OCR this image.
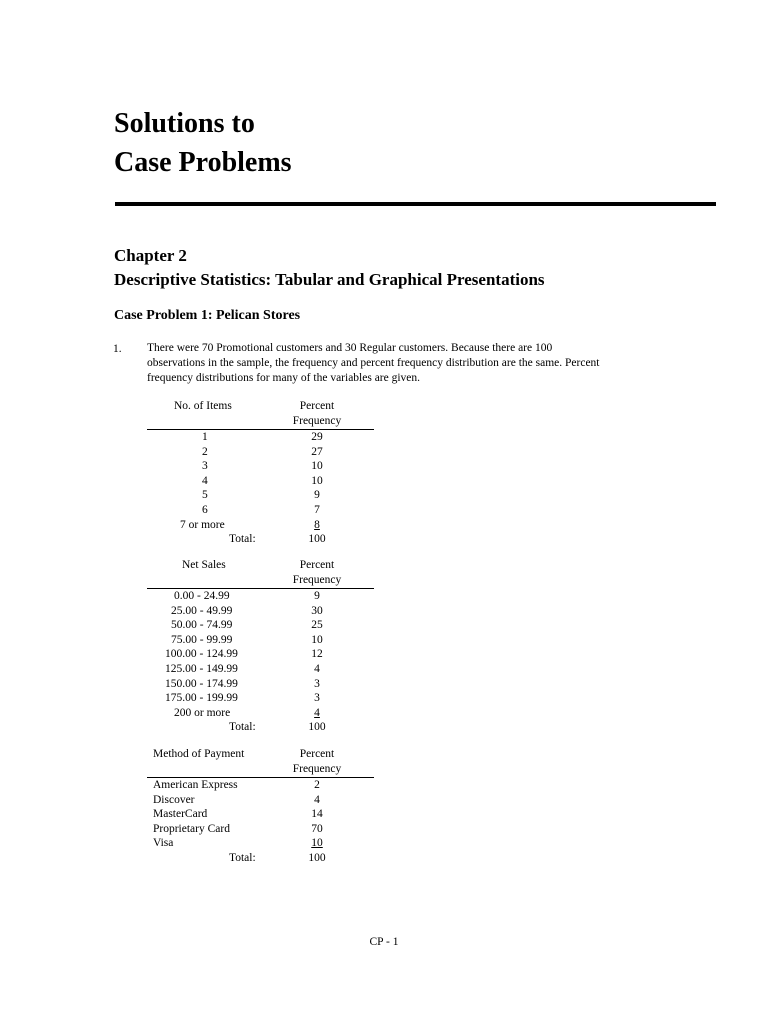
Solutions to
Case Problems
Chapter 2
Descriptive Statistics: Tabular and Graphical Presentations
Case Problem 1: Pelican Stores
1. There were 70 Promotional customers and 30 Regular customers. Because there are 100
observations in the sample, the frequency and percent frequency distribution are the same. Percent
frequency distributions for many of the variables are given.
No. of Items	Percent
Frequency
1	29
2	27
3	10
4	10
5	9
6	7
7 or more	8
Total:	100
Net Sales	Percent
Frequency
0.00 - 24.99	9
25.00 - 49.99	30
50.00 - 74.99	25
75.00 - 99.99	10
100.00 - 124.99	12
125.00 - 149.99	4
150.00 - 174.99	3
175.00 - 199.99	3
200 or more	4
Total:	100
Method of Payment	Percent
Frequency
American Express	2
Discover	4
MasterCard	14
Proprietary Card	70
Visa	10
Total:	100
CP - 1
